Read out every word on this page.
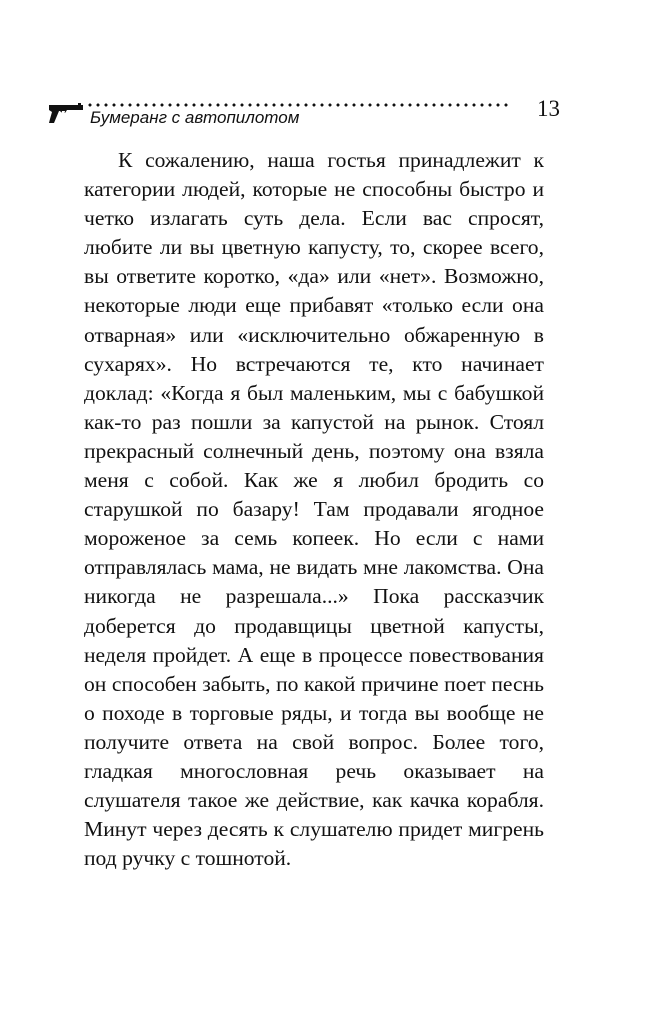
Бумеранг с автопилотом	13

К сожалению, наша гостья принадлежит к категории людей, которые не способны быстро и четко излагать суть дела. Если вас спросят, любите ли вы цветную капусту, то, скорее всего, вы ответите коротко, «да» или «нет». Возможно, некоторые люди еще прибавят «только если она отварная» или «исключительно обжаренную в сухарях». Но встречаются те, кто начинает доклад: «Когда я был маленьким, мы с бабушкой как-то раз пошли за капустой на рынок. Стоял прекрасный солнечный день, поэтому она взяла меня с собой. Как же я любил бродить со старушкой по базару! Там продавали ягодное мороженое за семь копеек. Но если с нами отправлялась мама, не видать мне лакомства. Она никогда не разрешала...» Пока рассказчик доберется до продавщицы цветной капусты, неделя пройдет. А еще в процессе повествования он способен забыть, по какой причине поет песнь о походе в торговые ряды, и тогда вы вообще не получите ответа на свой вопрос. Более того, гладкая многословная речь оказывает на слушателя такое же действие, как качка корабля. Минут через десять к слушателю придет мигрень под ручку с тошнотой.
